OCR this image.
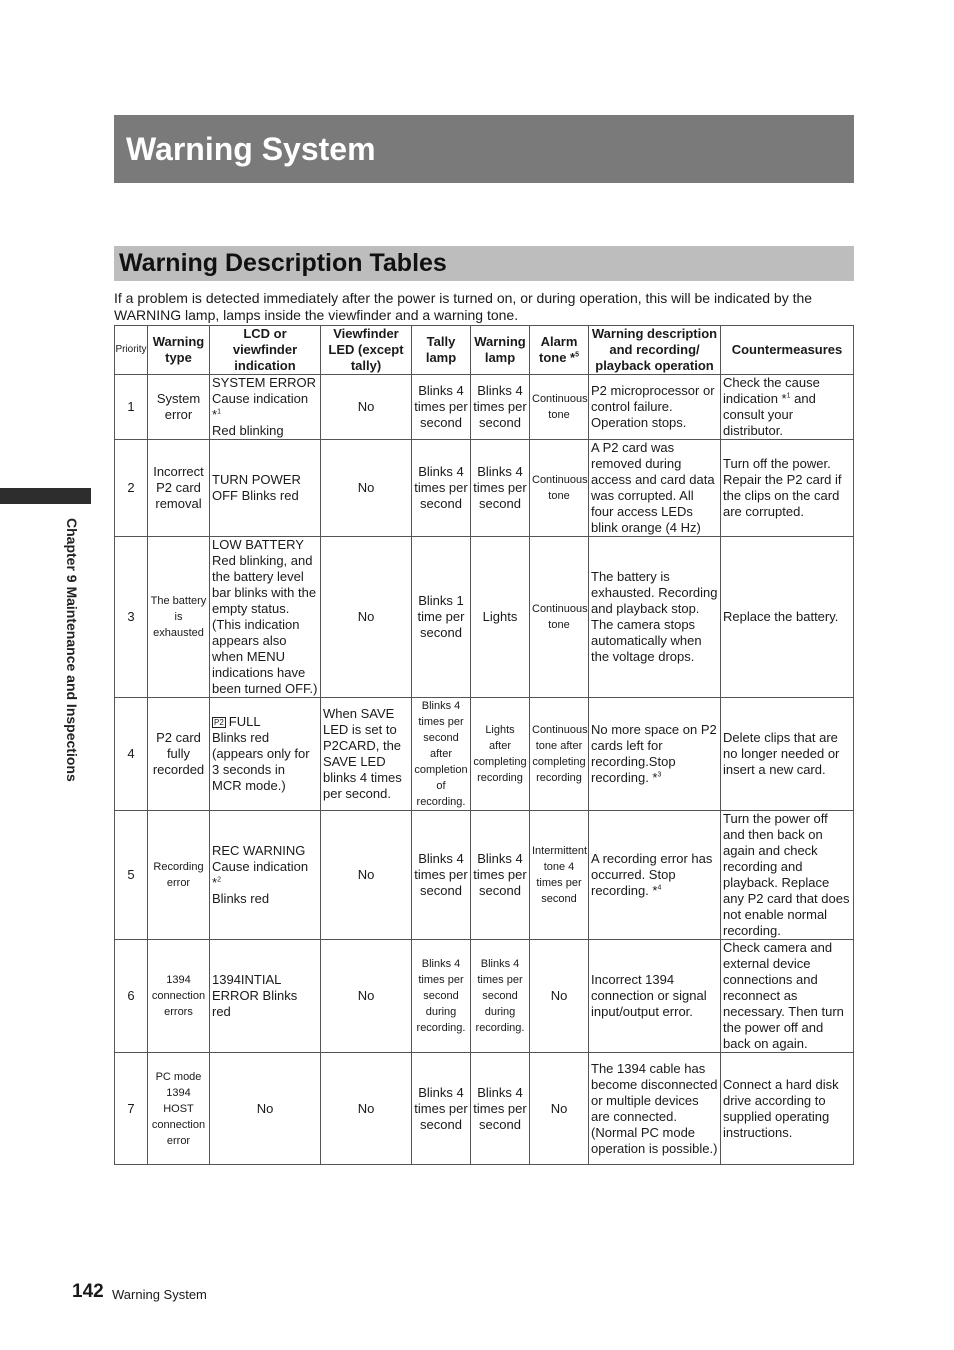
Warning System
Warning Description Tables

If a problem is detected immediately after the power is turned on, or during operation, this will be indicated by the WARNING lamp, lamps inside the viewfinder and a warning tone.

Priority	Warning type	LCD or viewfinder indication	Viewfinder LED (except tally)	Tally lamp	Warning lamp	Alarm tone *$^5$	Warning description and recording/ playback operation	Countermeasures
1	System error	SYSTEM ERROR
Cause indication *$^1$
Red blinking	No	Blinks 4 times per second	Blinks 4 times per second	Continuous tone	P2 microprocessor or control failure. Operation stops.	Check the cause indication *$^1$ and consult your distributor.
2	Incorrect P2 card removal	TURN POWER OFF Blinks red	No	Blinks 4 times per second	Blinks 4 times per second	Continuous tone	A P2 card was removed during access and card data was corrupted. All four access LEDs blink orange (4 Hz)	Turn off the power. Repair the P2 card if the clips on the card are corrupted.
3	The battery is exhausted	LOW BATTERY Red blinking, and the battery level bar blinks with the empty status. (This indication appears also when MENU indications have been turned OFF.)	No	Blinks 1 time per second	Lights	Continuous tone	The battery is exhausted. Recording and playback stop. The camera stops automatically when the voltage drops.	Replace the battery.
4	P2 card fully recorded	P2 FULL
Blinks red (appears only for 3 seconds in MCR mode.)	When SAVE LED is set to P2CARD, the SAVE LED blinks 4 times per second.	Blinks 4 times per second after completion of recording.	Lights after completing recording	Continuous tone after completing recording	No more space on P2 cards left for recording.Stop recording. *$^3$	Delete clips that are no longer needed or insert a new card.
5	Recording error	REC WARNING
Cause indication *$^2$
Blinks red	No	Blinks 4 times per second	Blinks 4 times per second	Intermittent tone 4 times per second	A recording error has occurred. Stop recording. *$^4$	Turn the power off and then back on again and check recording and playback. Replace any P2 card that does not enable normal recording.
6	1394 connection errors	1394INTIAL ERROR Blinks red	No	Blinks 4 times per second during recording.	Blinks 4 times per second during recording.	No	Incorrect 1394 connection or signal input/output error.	Check camera and external device connections and reconnect as necessary. Then turn the power off and back on again.
7	PC mode 1394 HOST connection error	No	No	Blinks 4 times per second	Blinks 4 times per second	No	The 1394 cable has become disconnected or multiple devices are connected. (Normal PC mode operation is possible.)	Connect a hard disk drive according to supplied operating instructions.
Chapter 9 Maintenance and Inspections
142 Warning System
